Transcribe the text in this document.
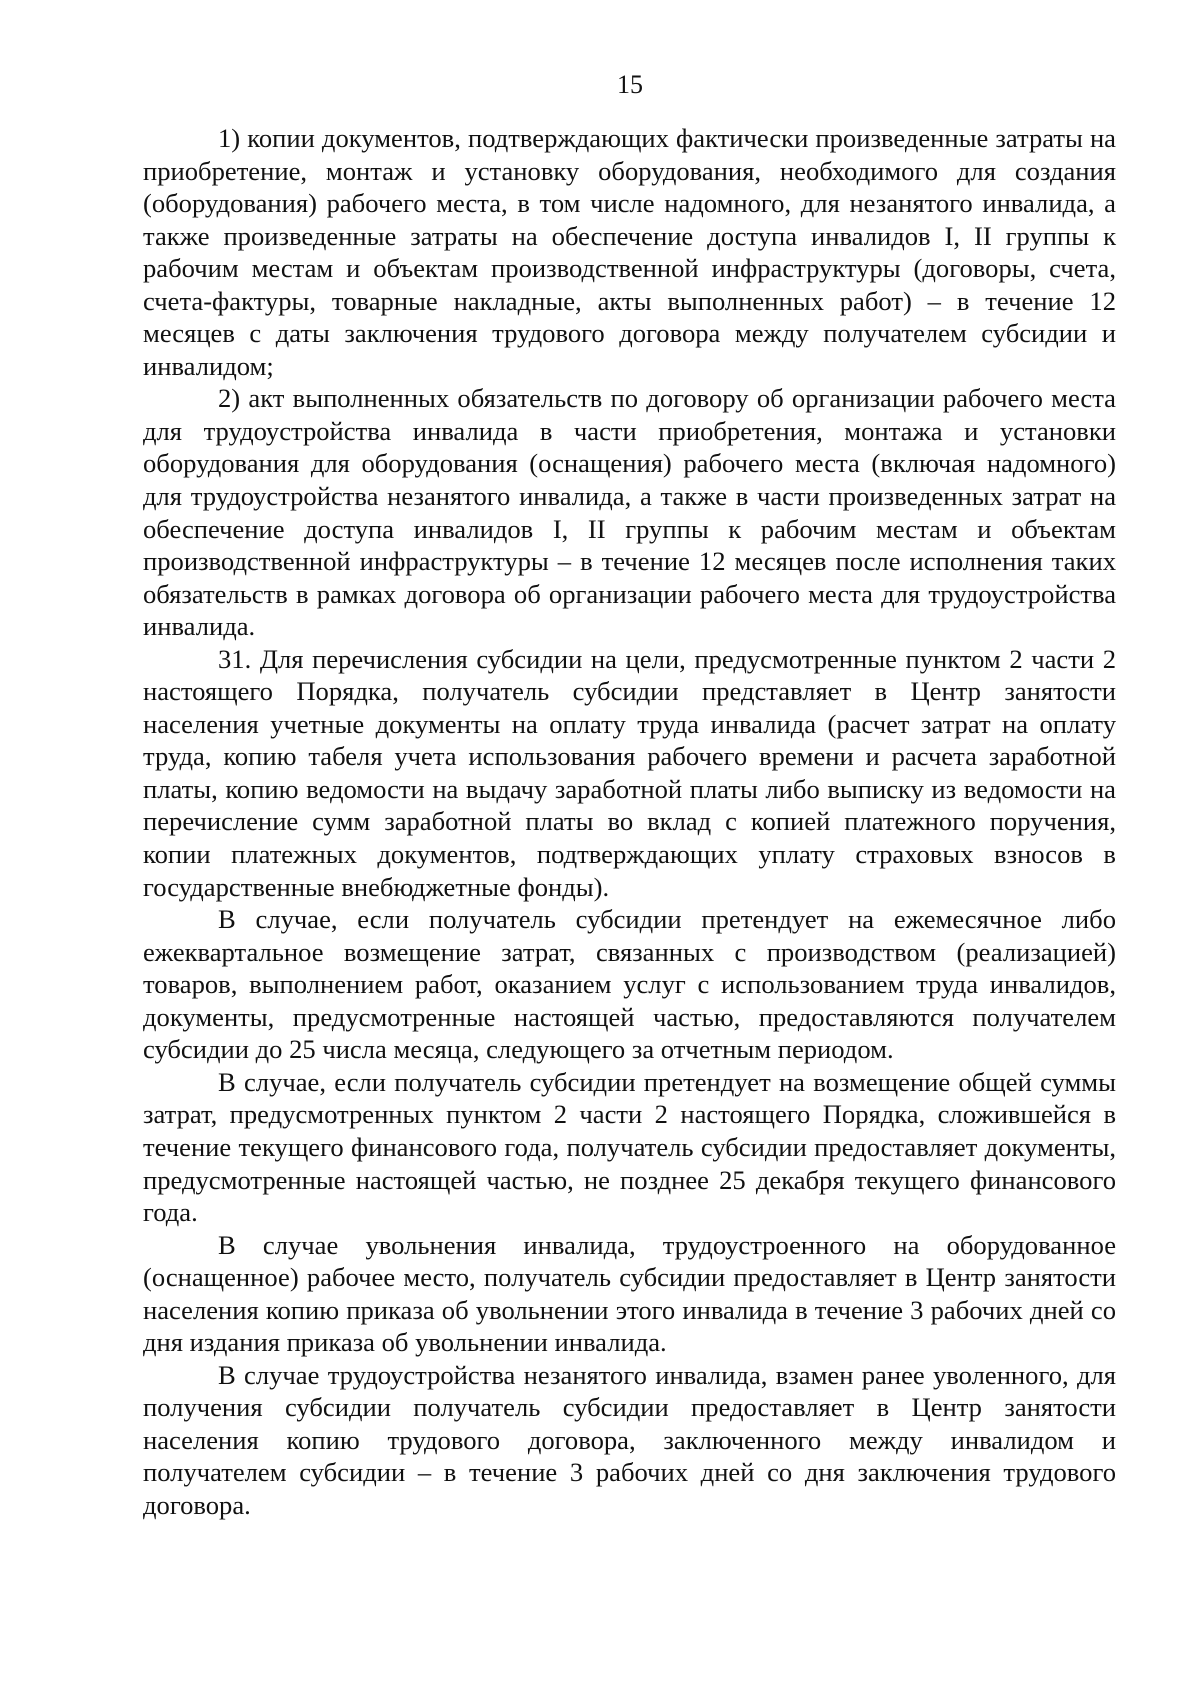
15

1) копии документов, подтверждающих фактически произведенные затраты на приобретение, монтаж и установку оборудования, необходимого для создания (оборудования) рабочего места, в том числе надомного, для незанятого инвалида, а также произведенные затраты на обеспечение доступа инвалидов I, II группы к рабочим местам и объектам производственной инфраструктуры (договоры, счета, счета-фактуры, товарные накладные, акты выполненных работ) – в течение 12 месяцев с даты заключения трудового договора между получателем субсидии и инвалидом;

2) акт выполненных обязательств по договору об организации рабочего места для трудоустройства инвалида в части приобретения, монтажа и установки оборудования для оборудования (оснащения) рабочего места (включая надомного) для трудоустройства незанятого инвалида, а также в части произведенных затрат на обеспечение доступа инвалидов I, II группы к рабочим местам и объектам производственной инфраструктуры – в течение 12 месяцев после исполнения таких обязательств в рамках договора об организации рабочего места для трудоустройства инвалида.

31. Для перечисления субсидии на цели, предусмотренные пунктом 2 части 2 настоящего Порядка, получатель субсидии представляет в Центр занятости населения учетные документы на оплату труда инвалида (расчет затрат на оплату труда, копию табеля учета использования рабочего времени и расчета заработной платы, копию ведомости на выдачу заработной платы либо выписку из ведомости на перечисление сумм заработной платы во вклад с копией платежного поручения, копии платежных документов, подтверждающих уплату страховых взносов в государственные внебюджетные фонды).

В случае, если получатель субсидии претендует на ежемесячное либо ежеквартальное возмещение затрат, связанных с производством (реализацией) товаров, выполнением работ, оказанием услуг с использованием труда инвалидов, документы, предусмотренные настоящей частью, предоставляются получателем субсидии до 25 числа месяца, следующего за отчетным периодом.

В случае, если получатель субсидии претендует на возмещение общей суммы затрат, предусмотренных пунктом 2 части 2 настоящего Порядка, сложившейся в течение текущего финансового года, получатель субсидии предоставляет документы, предусмотренные настоящей частью, не позднее 25 декабря текущего финансового года.

В случае увольнения инвалида, трудоустроенного на оборудованное (оснащенное) рабочее место, получатель субсидии предоставляет в Центр занятости населения копию приказа об увольнении этого инвалида в течение 3 рабочих дней со дня издания приказа об увольнении инвалида.

В случае трудоустройства незанятого инвалида, взамен ранее уволенного, для получения субсидии получатель субсидии предоставляет в Центр занятости населения копию трудового договора, заключенного между инвалидом и получателем субсидии – в течение 3 рабочих дней со дня заключения трудового договора.
